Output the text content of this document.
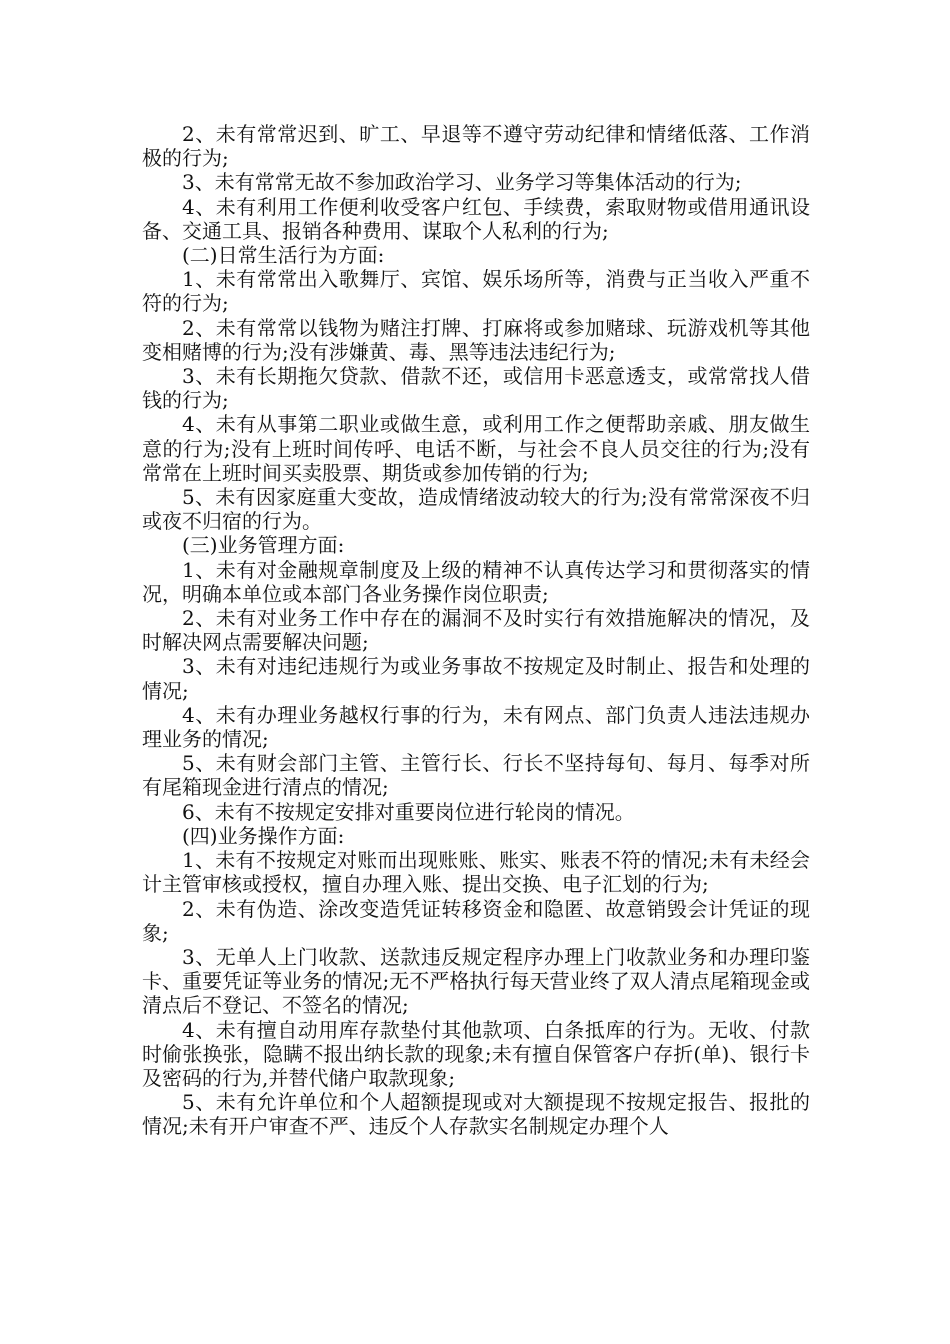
2、未有常常迟到、旷工、早退等不遵守劳动纪律和情绪低落、工作消极的行为;

3、未有常常无故不参加政治学习、业务学习等集体活动的行为;

4、未有利用工作便利收受客户红包、手续费，索取财物或借用通讯设备、交通工具、报销各种费用、谋取个人私利的行为;

(二)日常生活行为方面:

1、未有常常出入歌舞厅、宾馆、娱乐场所等，消费与正当收入严重不符的行为;

2、未有常常以钱物为赌注打牌、打麻将或参加赌球、玩游戏机等其他变相赌博的行为;没有涉嫌黄、毒、黑等违法违纪行为;

3、未有长期拖欠贷款、借款不还，或信用卡恶意透支，或常常找人借钱的行为;

4、未有从事第二职业或做生意，或利用工作之便帮助亲戚、朋友做生意的行为;没有上班时间传呼、电话不断，与社会不良人员交往的行为;没有常常在上班时间买卖股票、期货或参加传销的行为;

5、未有因家庭重大变故，造成情绪波动较大的行为;没有常常深夜不归或夜不归宿的行为。

(三)业务管理方面:

1、未有对金融规章制度及上级的精神不认真传达学习和贯彻落实的情况，明确本单位或本部门各业务操作岗位职责;

2、未有对业务工作中存在的漏洞不及时实行有效措施解决的情况，及时解决网点需要解决问题;

3、未有对违纪违规行为或业务事故不按规定及时制止、报告和处理的情况;

4、未有办理业务越权行事的行为，未有网点、部门负责人违法违规办理业务的情况;

5、未有财会部门主管、主管行长、行长不坚持每旬、每月、每季对所有尾箱现金进行清点的情况;

6、未有不按规定安排对重要岗位进行轮岗的情况。

(四)业务操作方面:

1、未有不按规定对账而出现账账、账实、账表不符的情况;未有未经会计主管审核或授权，擅自办理入账、提出交换、电子汇划的行为;

2、未有伪造、涂改变造凭证转移资金和隐匿、故意销毁会计凭证的现象;

3、无单人上门收款、送款违反规定程序办理上门收款业务和办理印鉴卡、重要凭证等业务的情况;无不严格执行每天营业终了双人清点尾箱现金或清点后不登记、不签名的情况;

4、未有擅自动用库存款垫付其他款项、白条抵库的行为。无收、付款时偷张换张，隐瞒不报出纳长款的现象;未有擅自保管客户存折(单)、银行卡及密码的行为,并替代储户取款现象;

5、未有允许单位和个人超额提现或对大额提现不按规定报告、报批的情况;未有开户审查不严、违反个人存款实名制规定办理个人
